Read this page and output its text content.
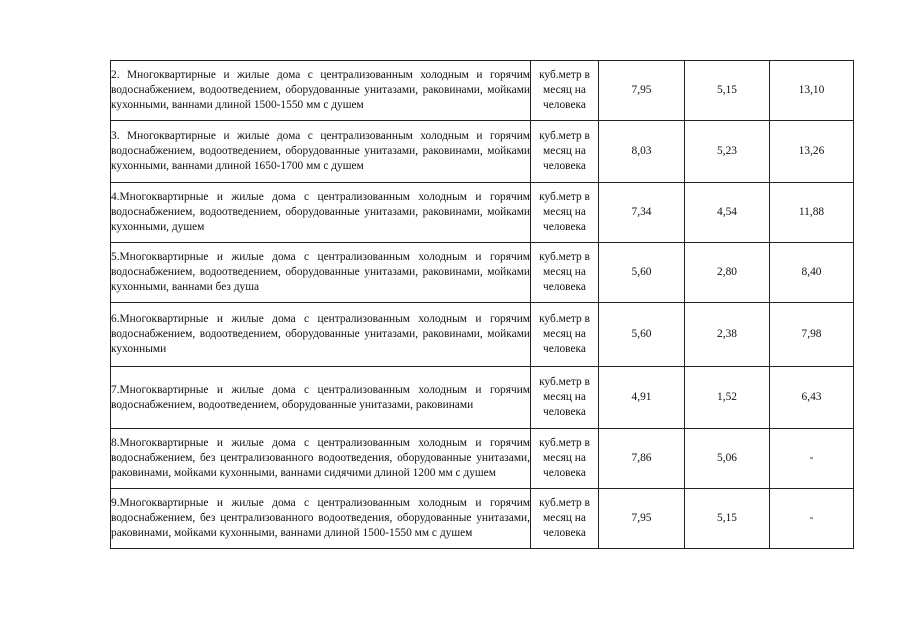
2. Многоквартирные и жилые дома с централизованным холодным и горячим водоснабжением, водоотведением, оборудованные унитазами, раковинами, мойками кухонными, ваннами длиной 1500-1550 мм с душем	куб.метр в месяц на человека	7,95	5,15	13,10
3. Многоквартирные и жилые дома с централизованным холодным и горячим водоснабжением, водоотведением, оборудованные унитазами, раковинами, мойками кухонными, ваннами длиной 1650-1700 мм с душем	куб.метр в месяц на человека	8,03	5,23	13,26
4.Многоквартирные и жилые дома с централизованным холодным и горячим водоснабжением, водоотведением, оборудованные унитазами, раковинами, мойками кухонными, душем	куб.метр в месяц на человека	7,34	4,54	11,88
5.Многоквартирные и жилые дома с централизованным холодным и горячим водоснабжением, водоотведением, оборудованные унитазами, раковинами, мойками кухонными, ваннами без душа	куб.метр в месяц на человека	5,60	2,80	8,40
6.Многоквартирные и жилые дома с централизованным холодным и горячим водоснабжением, водоотведением, оборудованные унитазами, раковинами, мойками кухонными	куб.метр в месяц на человека	5,60	2,38	7,98
7.Многоквартирные и жилые дома с централизованным холодным и горячим водоснабжением, водоотведением, оборудованные унитазами, раковинами	куб.метр в месяц на человека	4,91	1,52	6,43
8.Многоквартирные и жилые дома с централизованным холодным и горячим водоснабжением, без централизованного водоотведения, оборудованные унитазами, раковинами, мойками кухонными, ваннами сидячими длиной 1200 мм с душем	куб.метр в месяц на человека	7,86	5,06	-
9.Многоквартирные и жилые дома с централизованным холодным и горячим водоснабжением, без централизованного водоотведения, оборудованные унитазами, раковинами, мойками кухонными, ваннами длиной 1500-1550 мм с душем	куб.метр в месяц на человека	7,95	5,15	-
